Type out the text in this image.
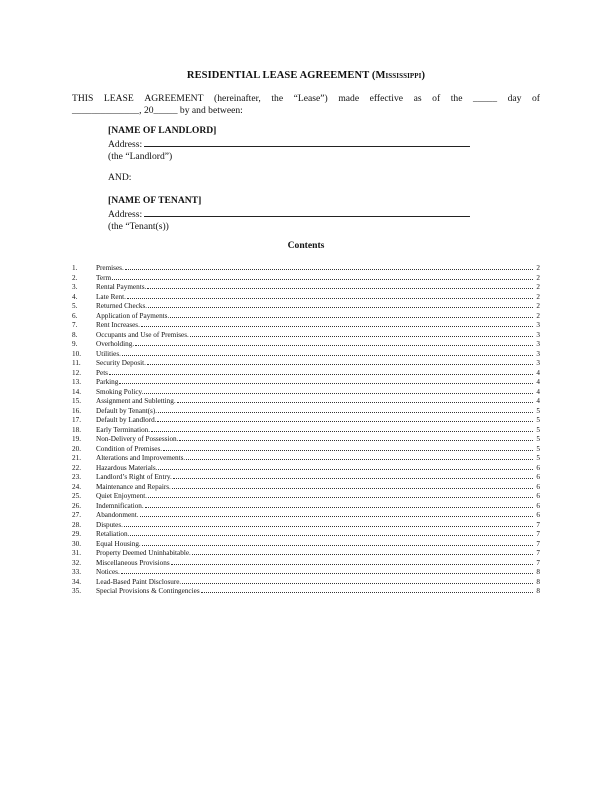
RESIDENTIAL LEASE AGREEMENT (Mississippi)
THIS LEASE AGREEMENT (hereinafter, the “Lease”) made effective as of the _____ day of
______________, 20_____ by and between:
[NAME OF LANDLORD]
Address:
(the “Landlord”)
AND:
[NAME OF TENANT]
Address:
(the “Tenant(s))
Contents
1.	Premises.	2
2.	Term	2
3.	Rental Payments.	2
4.	Late Rent.	2
5.	Returned Checks.	2
6.	Application of Payments.	2
7.	Rent Increases.	3
8.	Occupants and Use of Premises.	3
9.	Overholding.	3
10.	Utilities.	3
11.	Security Deposit.	3
12.	Pets	4
13.	Parking	4
14.	Smoking Policy.	4
15.	Assignment and Subletting.	4
16.	Default by Tenant(s).	5
17.	Default by Landlord.	5
18.	Early Termination.	5
19.	Non-Delivery of Possession.	5
20.	Condition of Premises.	5
21.	Alterations and Improvements.	5
22.	Hazardous Materials.	6
23.	Landlord’s Right of Entry.	6
24.	Maintenance and Repairs.	6
25.	Quiet Enjoyment.	6
26.	Indemnification.	6
27.	Abandonment.	6
28.	Disputes.	7
29.	Retaliation.	7
30.	Equal Housing.	7
31.	Property Deemed Uninhabitable.	7
32.	Miscellaneous Provisions	7
33.	Notices.	8
34.	Lead-Based Paint Disclosure.	8
35.	Special Provisions & Contingencies	8
